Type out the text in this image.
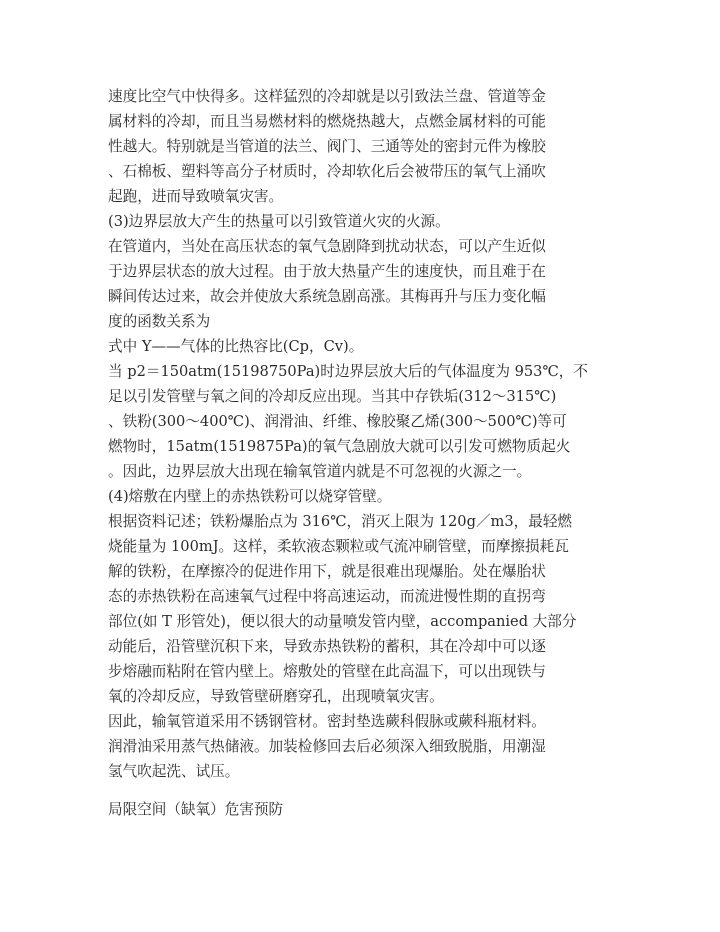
速度比空气中快得多。这样猛烈的冷却就是以引致法兰盘、管道等金
属材料的冷却，而且当易燃材料的燃烧热越大，点燃金属材料的可能
性越大。特别就是当管道的法兰、阀门、三通等处的密封元件为橡胶
、石棉板、塑料等高分子材质时，冷却软化后会被带压的氧气上涌吹
起跑，进而导致喷氧灾害。
(3)边界层放大产生的热量可以引致管道火灾的火源。
在管道内，当处在高压状态的氧气急剧降到扰动状态，可以产生近似
于边界层状态的放大过程。由于放大热量产生的速度快，而且难于在
瞬间传达过来，故会并使放大系统急剧高涨。其梅再升与压力变化幅
度的函数关系为
式中 Y——气体的比热容比(Cp，Cv)。
当 p2＝150atm(15198750Pa)时边界层放大后的气体温度为 953℃，不
足以引发管壁与氧之间的冷却反应出现。当其中存铁垢(312～315℃)
、铁粉(300～400℃)、润滑油、纤维、橡胶聚乙烯(300～500℃)等可
燃物时，15atm(1519875Pa)的氧气急剧放大就可以引发可燃物质起火
。因此，边界层放大出现在输氧管道内就是不可忽视的火源之一。
(4)熔敷在内壁上的赤热铁粉可以烧穿管壁。
根据资料记述；铁粉爆胎点为 316℃，消灭上限为 120g／m3，最轻燃
烧能量为 100mJ。这样，柔软液态颗粒或气流冲刷管壁，而摩擦损耗瓦
解的铁粉，在摩擦冷的促进作用下，就是很难出现爆胎。处在爆胎状
态的赤热铁粉在高速氧气过程中将高速运动，而流进慢性期的直拐弯
部位(如 T 形管处)，便以很大的动量喷发管内壁，accompanied 大部分
动能后，沿管壁沉积下来，导致赤热铁粉的蓄积，其在冷却中可以逐
步熔融而粘附在管内壁上。熔敷处的管壁在此高温下，可以出现铁与
氧的冷却反应，导致管壁研磨穿孔，出现喷氧灾害。
因此，输氧管道采用不锈钢管材。密封垫选蕨科假脉或蕨科瓶材料。
润滑油采用蒸气热储液。加装检修回去后必须深入细致脱脂，用潮湿
氢气吹起洗、试压。
局限空间（缺氧）危害预防
